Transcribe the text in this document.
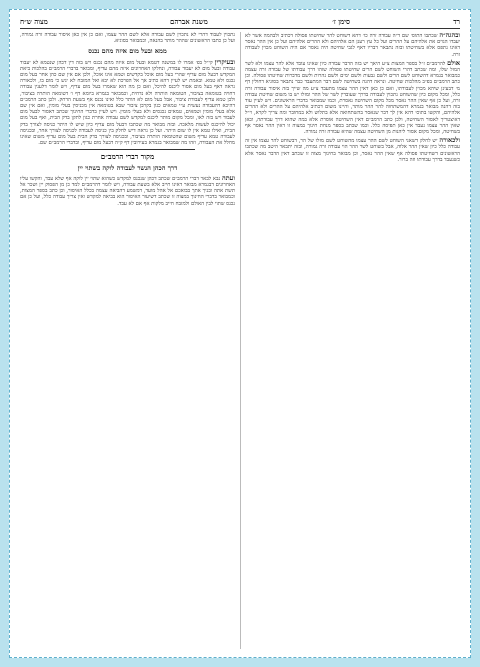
רד
סימן ז׳
משנת אברהם
מצוה ש״ח

ובהגה״ה שכתבו התוס׳ שם ד״ה עבודה זרה כו׳ דהא דשוחט להר שחיטתו פסולה דכתיב ולבהמה אשר לא יעבדו הגוים את אלהיהם על ההרים ועל כל עץ רענן הם אלהיהם ולא ההרים אלהיהם ועל כן אין ההר נאסר דאינו נתפס אלא בשחיטתו ובזה נתבאר דבריו דאף לגבי שחיטה היה נאסר אם היה השוחט מכוין לעבודה זרה.

אולם להרמב״ם ז״ל בספר המצות צ״ע היאך יש בזה הדבר עבודה כיון שאינו עובד אלא להר עצמו ולא לשר המזל שלו, ומה שכתב דהרי השוחט לשם הרים שחיטתו פסולה שזהו דרך עבודתו של עבודה זרה עצמה כמבואר בגמרא דהשוחט לשם הרים ולשם גבעות ולשם ימים ולשם נהרות ולשם מדברות שחיטתו פסולה. וכן כתב הרמב״ם בפ״ב מהלכות שחיטה. ונראה דהנה בשחיטה לשם דבר המתעבד כבר נתבאר בסוגיא דחולין דף מ׳ דבעינן שיהא מכוין לעבודתו, ואם כן כאן דאין ההר עצמו מתעבד צ״ע מה שייך בזה איסור עבודה זרה כלל, ומכל מקום כיון שהשוחט נתכוין לעבודה בדרך שעובדין לשר של ההר ומזלו יש בו משום שחיטת עבודה זרה, ועל כן אף שאין ההר נאסר מכל מקום השחיטה נאסרת, וכמו שמבואר בדברי הראשונים. ויש לעיין עוד בזה דהנה מבואר בגמרא דהמשתחוה להר ההר מותר, והיינו משום דכתיב אלהיהם על ההרים ולא ההרים אלהיהם, והקשו בתוס׳ דהא אין לך דבר שנאסר בהשתחואה אלא בתלוש ולא במחובר ומה צריך לקרא, וי״ל דאיצטריך לאסור השחיטה, ולכן כתב הרמב״ם דאין השחיטה אוסרת אלא במה שהוא דרך עבודתה, וכאן שאין ההר עצמו נעבד אין כאן תפיסה כלל. וכמו שכתב בספר מנחת חינוך במצוה זו דאין ההר נאסר אף בשחיטה, ומכל מקום אסור ליהנות מן השחיטה עצמה שהיא עבודה זרה גמורה.

ולכאורה יש לחלק דשאני השוחט לשם ההר עצמו מהשוחט לשם מזלו של הר, דבשוחט להר עצמו אין זה עבודה כלל כיון שאין ההר אלוה, אבל בשוחט לשר ההר הוי עבודה זרה גמורה, ובזה יתבאר היטב מה שכתבו הראשונים דשחיטתו פסולה אף שאין ההר נאסר, וכן מבואר בחינוך מצוה זו שכתב דאין הדבר נאסר אלא כשנעבד בדרך עבודתו וזה ברור.

נתכוין לעבוד דהרי לא נתכוין לשם עבודה אלא לשם ההר עצמו, ואם כן אין כאן איסור עבודה זרה גמורה, ועל כן כתבו הראשונים שההר מותר בהנאה, וכמבואר בסוגיא.

ממא ובעל מום איזה מהם נכנס

ובעיקרין קי״ל בפ׳ אמרו לו במשנה דטמא ובעל מום איזה מהם נכנס ויש בזה דין דכהן שנטמא לא יעבוד עבודה ובעל מום לא יעבוד עבודה, ונחלקו האחרונים איזה מהם עדיף, ומבואר בדברי הרמב״ם בהלכות ביאת המקדש דבעל מום עדיף שהרי בעל מום אוכל בקדשים וטמא אינו אוכל, ולכן אם אין שם כהן אחר בעל מום נכנס ולא טמא. ובאמת יש לעיין דהא כתיב אך אל הפרכת לא יבא ואל המזבח לא יגש כי מום בו, ולכאורה נראה דאף בעל מום אסור ליכנס להיכל, ואם כן מה הוא שאמרו בעל מום עדיף, ויש לומר דלענין עבודה דחויה בטומאה בציבור, הטומאה הותרה ולא נדחית, וכמבואר בגמרא ביומא דף ו׳ דטומאה הותרה בציבור, ולכן טמא עדיף לעבודת ציבור, אבל בעל מום לא הותר כלל ואינו נכנס אף בשעת הדחק. ולכן כתב הרמב״ם דהיכא דהעבודה נעשית ע״י טמאים כגון בקרבן ציבור שבא בטומאה אין מכניסין בעלי מומין, ואם אין שם אלא בעלי מומין וטמאים, טמאים נכנסים ולא בעלי מומין. ויש לעיין בדברי החינוך שכתב דאסור לבעל מום לעבוד ויש בזה לאו, ומכל מקום מותר ליכנס למקדש לשם עבודה אחרת כגון לתקן בדק הבית, ואף בעל מום יכול להיכנס לעשות מלאכה. ובזה מבואר מה שכתבו דבעל מום עדיף כיון שיש לו היתר כניסה לצורך בדק הבית, ואילו טמא אין לו שום היתר. ועל כן נראה דיש לחלק בין כניסה לעבודה לכניסה לצורך אחר, ובכניסה לעבודה טמא עדיף משום שהטומאה הותרה בציבור, ובכניסה לצורך בדק הבית בעל מום עדיף משום שאינו מחלל את העבודה, וזהו מה שמבואר בגמרא בעירובין דף ק״ה דבעל מום עדיף, ובדברי הרמב״ם שם.

מקור דברי הרמב״ם
דרך הכהן הנשר לעבודה לוקה בשתוי יין

ועתה נבא לבאר דברי הרמב״ם שכתב דכהן שנכנס למקדש כשהוא שתוי יין לוקה אף שלא עבד, והקשו עליו האחרונים דבגמרא מבואר דאינו חייב אלא בשעת עבודה, ויש לומר דהרמב״ם למד כן מן הפסוק יין ושכר אל תשת אתה ובניך אתך בבואכם אל אהל מועד, דמשמע דהביאה עצמה בכלל האיסור, וכן כתב בספר המצות, וכמבואר בדברי החינוך במצוה זו שכתב דשיעור האיסור הוא בביאה למקדש ואין צריך עבודה כלל, ועל כן אם נכנס שתוי לבין האולם ולמזבח חייב מלקות אף אם לא עבד.
